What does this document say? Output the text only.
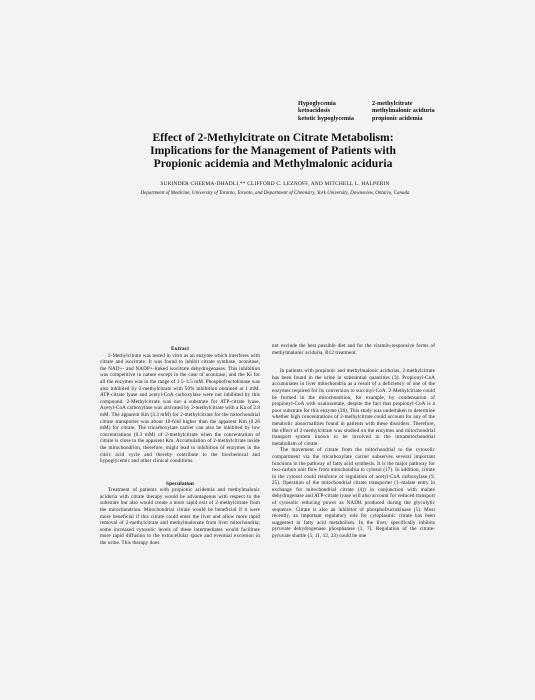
Hypoglycemia	2-methylcitrate
ketoacidosis	methylmalonic aciduria
ketotic hypoglycemia	propionic acidemia
Effect of 2-Methylcitrate on Citrate Metabolism:
Implications for the Management of Patients with
Propionic acidemia and Methylmalonic aciduria
SURINDER CHEEMA-DHADLI,** CLIFFORD C. LEZNOFF, AND MITCHELL L. HALPERIN
Department of Medicine, University of Toronto, Toronto, and Department of Chemistry, York University, Downsview, Ontario, Canada

Extract

2-Methylcitrate was tested in vitro as an enzyme which interferes with citrate and isocitrate. It was found to inhibit citrate synthase, aconitase, the NAD+- and NADP+-linked isocitrate dehydrogenases. This inhibition was competitive in nature except in the case of aconitase, and the Ki for all the enzymes was in the range of 1.5–3.5 mM. Phosphofructokinase was also inhibited by 2-methylcitrate with 50% inhibition obtained at 1 mM. ATP-citrate lyase and acetyl-CoA carboxylase were not inhibited by this compound. 2-Methylcitrate was not a substrate for ATP-citrate lyase. Acetyl-CoA carboxylase was activated by 2-methylcitrate with a Ka of 2.8 mM. The apparent Km (3.3 mM) for 2-methylcitrate for the mitochondrial citrate transporter was about 10-fold higher than the apparent Km (0.26 mM) for citrate. The tricarboxylate carrier can also be inhibited by low concentrations (0.3 mM) of 2-methylcitrate when the concentration of citrate is close to the apparent Km. Accumulation of 2-methylcitrate inside the mitochondrion, therefore, might lead to inhibition of enzymes in the citric acid cycle and thereby contribute to the biochemical and hypoglycemic and other clinical conditions.

Speculation

Treatment of patients with propionic acidemia and methylmalonic aciduria with citrate therapy would be advantageous with respect to the substrate but also would create a more rapid exit of 2-methylcitrate from the mitochondrion. Mitochondrial citrate would be beneficial if it were more beneficial if this citrate could enter the liver and allow more rapid removal of 2-methylcitrate and methylmalonate from liver mitochondria; some increased cytosolic levels of these intermediates would facilitate more rapid diffusion to the extracellular space and eventual excretion in the urine. This therapy does

not exclude the best possible diet and for the vitamin-responsive forms of methylmalonic aciduria, B12 treatment.

In patients with propionic and methylmalonic acidurias, 2-methylcitrate has been found in the urine in substantial quantities (3). Propionyl-CoA accumulates in liver mitochondria as a result of a deficiency of one of the enzymes required for its conversion to succinyl-CoA. 2-Methylcitrate could be formed in the mitochondrion, for example, by condensation of propionyl-CoA with oxaloacetate, despite the fact that propionyl-CoA is a poor substrate for this enzyme (20). This study was undertaken to determine whether high concentrations of 2-methylcitrate could account for any of the metabolic abnormalities found in patients with these disorders. Therefore, the effect of 2-methylcitrate was studied on the enzymes and mitochondrial transport system known to be involved in the intramitochondrial metabolism of citrate.

The movement of citrate from the mitochondrial to the cytosolic compartment via the tricarboxylate carrier subserves several important functions in the pathway of fatty acid synthesis. It is the major pathway for two-carbon unit flow from mitochondria to cytosol (17). In addition, citrate in the cytosol could reinforce or regulation of acetyl-CoA carboxylase (9, 25). Operation of the mitochondrial citrate transporter (1–malate entry in exchange for mitochondrial citrate (4)) in conjunction with malate dehydrogenase and ATP-citrate lyase will also account for reduced transport of cytosolic reducing power as NADH produced during the glycolytic sequence. Citrate is also an inhibitor of phosphofructokinase (5). Most recently, an important regulatory role for cytoplasmic citrate has been suggested in fatty acid metabolism. In the liver, specifically inhibits pyruvate dehydrogenase phosphatase (1, 7). Regulation of the citrate-pyruvate shuttle (5, 11, 12, 23) could be one
